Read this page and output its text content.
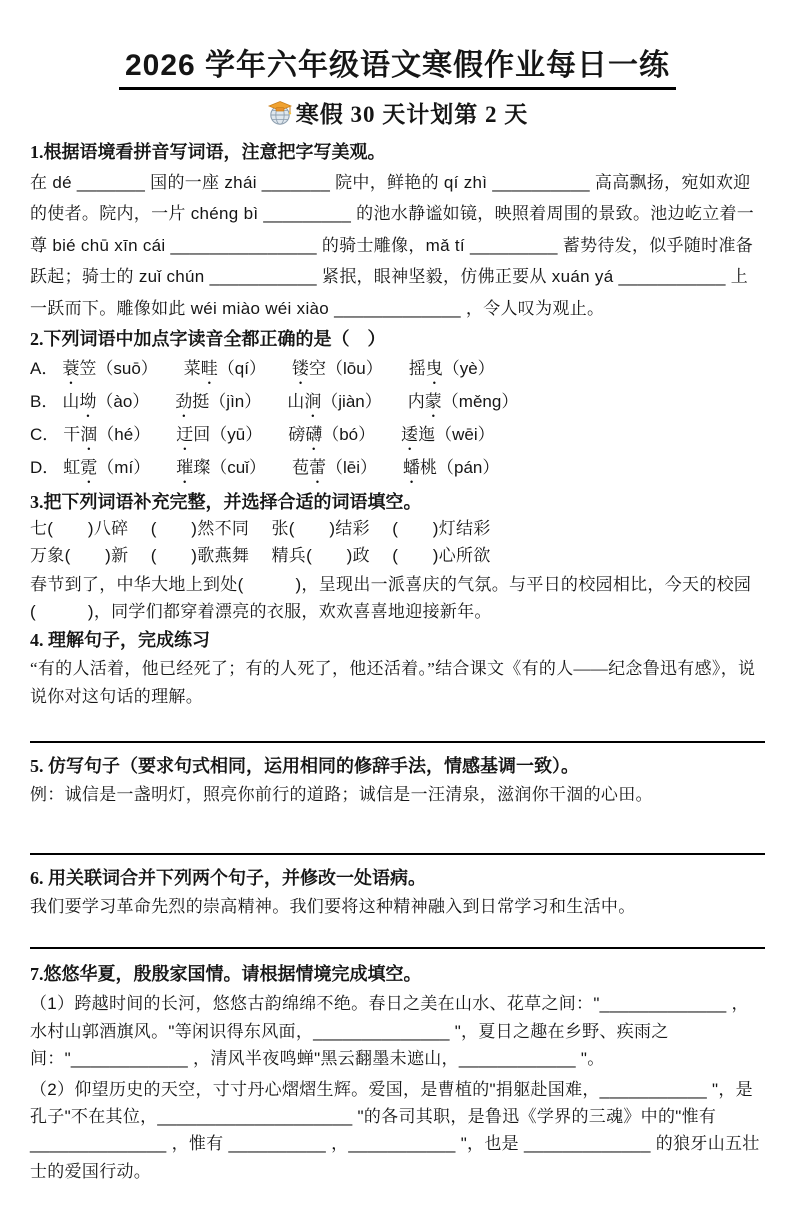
2026 学年六年级语文寒假作业每日一练
寒假 30 天计划第 2 天
1.根据语境看拼音写词语，注意把字写美观。
在 dé _______ 国的一座 zhái _______ 院中，鲜艳的 qí zhì __________ 高高飘扬，宛如欢迎的使者。院内，一片 chéng bì _________ 的池水静谧如镜，映照着周围的景致。池边屹立着一尊 bié chū xīn cái _______________ 的骑士雕像，mǎ tí _________ 蓄势待发，似乎随时准备跃起；骑士的 zuǐ chún ___________ 紧抿，眼神坚毅，仿佛正要从 xuán yá ___________ 上一跃而下。雕像如此 wéi miào wéi xiào _____________ ，令人叹为观止。
2.下列词语中加点字读音全都正确的是（　）
A． 蓑笠（suō） 菜畦（qí） 镂空（lōu） 摇曳（yè）
B． 山坳（ào） 劲挺（jìn） 山涧（jiàn） 内蒙（měng）
C． 干涸（hé） 迂回（yū） 磅礴（bó） 逶迤（wēi）
D． 虹霓（mí） 璀璨（cuǐ） 苞蕾（lēi） 蟠桃（pán）
3.把下列词语补充完整，并选择合适的词语填空。
七(　　)八碎　 (　　)然不同　 张(　　)结彩　 (　　)灯结彩
万象(　　)新　 (　　)歌燕舞　 精兵(　　)政　 (　　)心所欲
春节到了，中华大地上到处(　　　)，呈现出一派喜庆的气氛。与平日的校园相比，今天的校园(　　　)，同学们都穿着漂亮的衣服，欢欢喜喜地迎接新年。
4. 理解句子，完成练习
“有的人活着，他已经死了；有的人死了，他还活着。”结合课文《有的人——纪念鲁迅有感》，说说你对这句话的理解。
5. 仿写句子（要求句式相同，运用相同的修辞手法，情感基调一致）。
例：诚信是一盏明灯，照亮你前行的道路；诚信是一汪清泉，滋润你干涸的心田。
6. 用关联词合并下列两个句子，并修改一处语病。
我们要学习革命先烈的崇高精神。我们要将这种精神融入到日常学习和生活中。
7.悠悠华夏，殷殷家国情。请根据情境完成填空。
（1）跨越时间的长河，悠悠古韵绵绵不绝。春日之美在山水、花草之间："_____________ ，水村山郭酒旗风。"等闲识得东风面，______________ "，夏日之趣在乡野、疾雨之间："____________ ，清风半夜鸣蝉"黑云翻墨未遮山，____________ "。
（2）仰望历史的天空，寸寸丹心熠熠生辉。爱国，是曹植的"捐躯赴国难，___________ "，是孔子"不在其位，____________________ "的各司其职，是鲁迅《学界的三魂》中的"惟有 ______________ ，惟有 __________ ，___________ "，也是 _____________ 的狼牙山五壮士的爱国行动。
